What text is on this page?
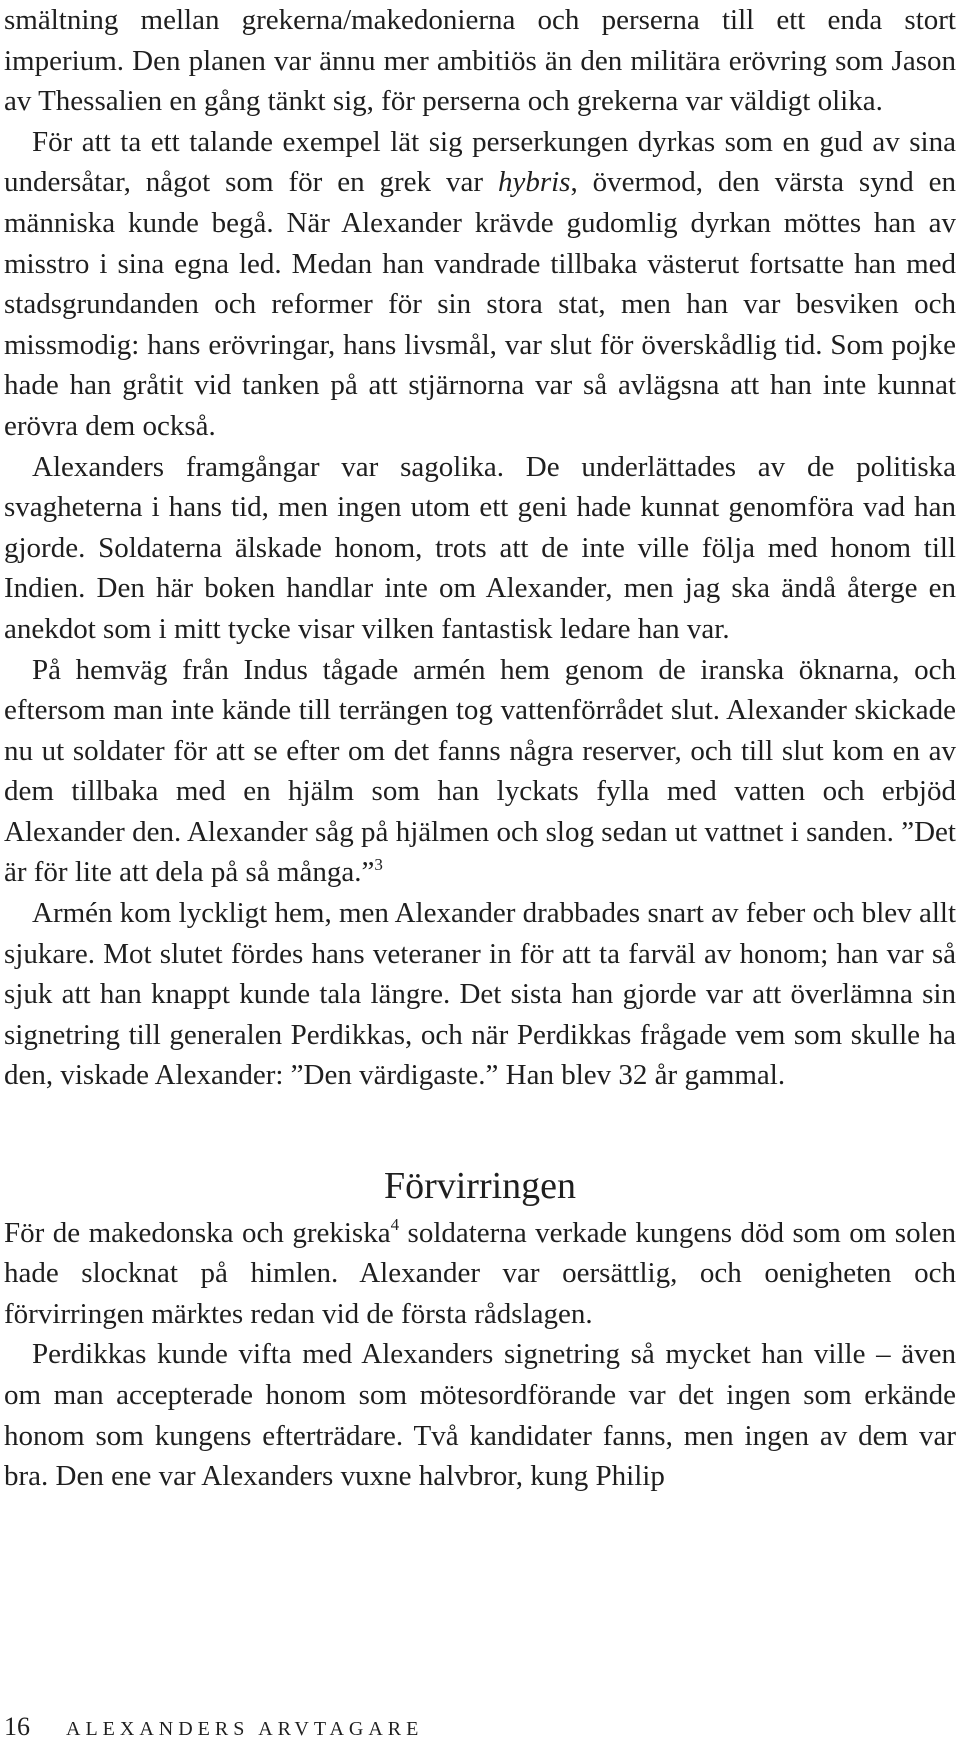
smältning mellan grekerna/makedonierna och perserna till ett enda stort imperium. Den planen var ännu mer ambitiös än den militära erövring som Jason av Thessalien en gång tänkt sig, för perserna och grekerna var väldigt olika.

För att ta ett talande exempel lät sig perserkungen dyrkas som en gud av sina undersåtar, något som för en grek var hybris, övermod, den värsta synd en människa kunde begå. När Alexander krävde gudomlig dyrkan möttes han av misstro i sina egna led. Medan han vandrade tillbaka västerut fortsatte han med stadsgrundanden och reformer för sin stora stat, men han var besviken och missmodig: hans erövringar, hans livsmål, var slut för överskådlig tid. Som pojke hade han gråtit vid tanken på att stjärnorna var så avlägsna att han inte kunnat erövra dem också.

Alexanders framgångar var sagolika. De underlättades av de politiska svagheterna i hans tid, men ingen utom ett geni hade kunnat genomföra vad han gjorde. Soldaterna älskade honom, trots att de inte ville följa med honom till Indien. Den här boken handlar inte om Alexander, men jag ska ändå återge en anekdot som i mitt tycke visar vilken fantastisk ledare han var.

På hemväg från Indus tågade armén hem genom de iranska öknarna, och eftersom man inte kände till terrängen tog vattenförrådet slut. Alexander skickade nu ut soldater för att se efter om det fanns några reserver, och till slut kom en av dem tillbaka med en hjälm som han lyckats fylla med vatten och erbjöd Alexander den. Alexander såg på hjälmen och slog sedan ut vattnet i sanden. ”Det är för lite att dela på så många.”$^3$

Armén kom lyckligt hem, men Alexander drabbades snart av feber och blev allt sjukare. Mot slutet fördes hans veteraner in för att ta farväl av honom; han var så sjuk att han knappt kunde tala längre. Det sista han gjorde var att överlämna sin signetring till generalen Perdikkas, och när Perdikkas frågade vem som skulle ha den, viskade Alexander: ”Den värdigaste.” Han blev 32 år gammal.

Förvirringen

För de makedonska och grekiska$^4$ soldaterna verkade kungens död som om solen hade slocknat på himlen. Alexander var oersättlig, och oenigheten och förvirringen märktes redan vid de första rådslagen.

Perdikkas kunde vifta med Alexanders signetring så mycket han ville – även om man accepterade honom som mötesordförande var det ingen som erkände honom som kungens efterträdare. Två kandidater fanns, men ingen av dem var bra. Den ene var Alexanders vuxne halvbror, kung Philip

16 ALEXANDERS ARVTAGARE
